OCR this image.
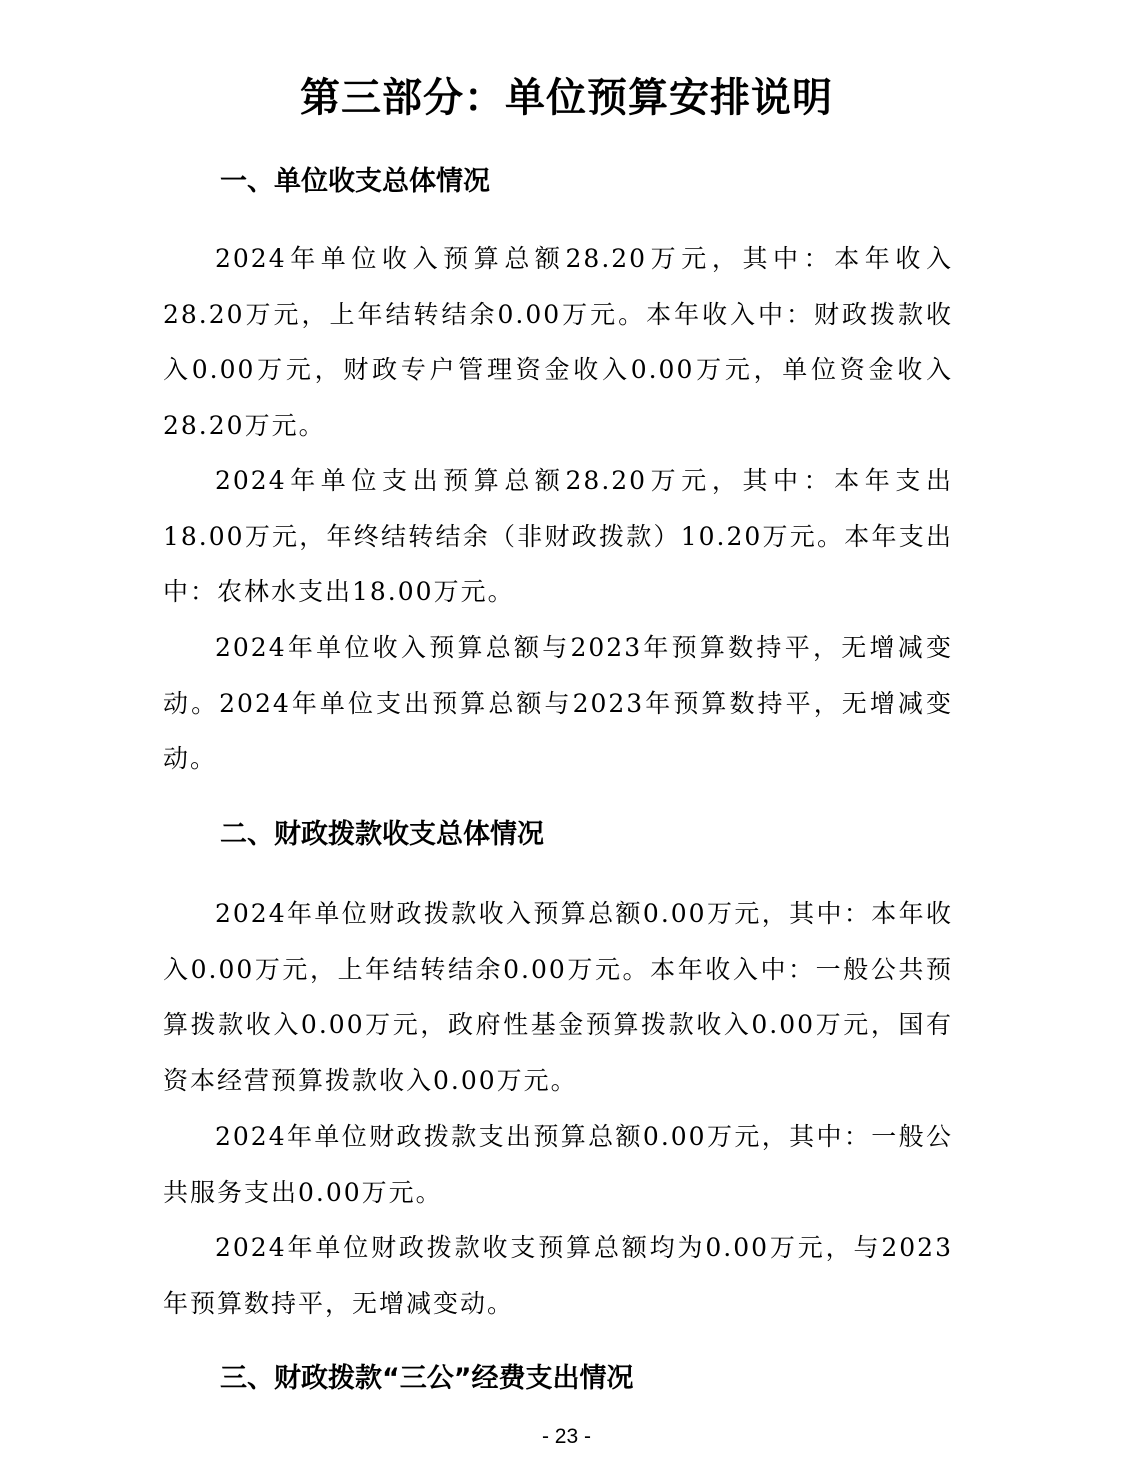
第三部分：单位预算安排说明
一、单位收支总体情况

2024年单位收入预算总额28.20万元，其中：本年收入28.20万元，上年结转结余0.00万元。本年收入中：财政拨款收入0.00万元，财政专户管理资金收入0.00万元，单位资金收入28.20万元。

2024年单位支出预算总额28.20万元，其中：本年支出18.00万元，年终结转结余（非财政拨款）10.20万元。本年支出中：农林水支出18.00万元。

2024年单位收入预算总额与2023年预算数持平，无增减变动。2024年单位支出预算总额与2023年预算数持平，无增减变动。

二、财政拨款收支总体情况

2024年单位财政拨款收入预算总额0.00万元，其中：本年收入0.00万元，上年结转结余0.00万元。本年收入中：一般公共预算拨款收入0.00万元，政府性基金预算拨款收入0.00万元，国有资本经营预算拨款收入0.00万元。

2024年单位财政拨款支出预算总额0.00万元，其中：一般公共服务支出0.00万元。

2024年单位财政拨款收支预算总额均为0.00万元，与2023年预算数持平，无增减变动。

三、财政拨款“三公”经费支出情况
- 23 -
